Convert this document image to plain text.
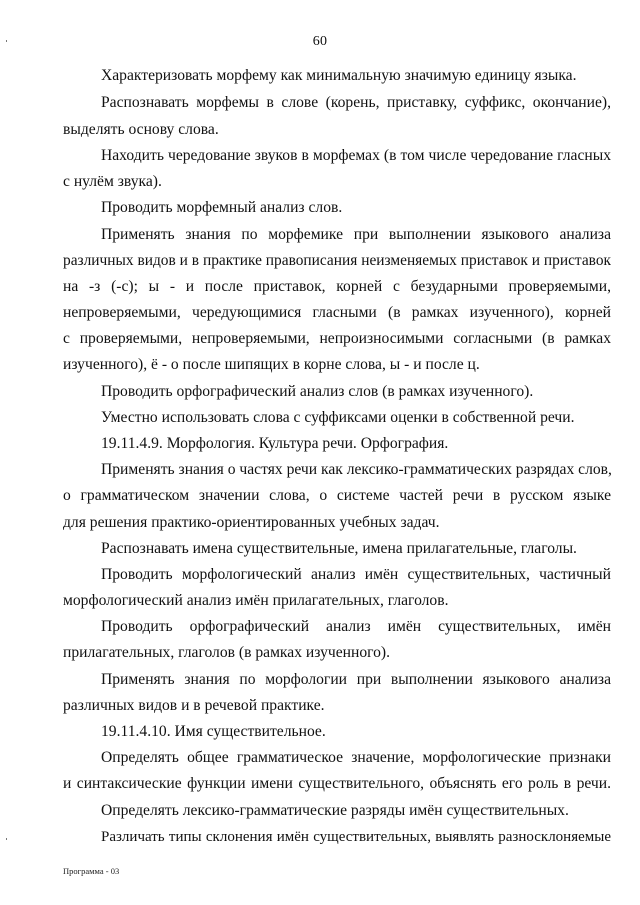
60
Характеризовать морфему как минимальную значимую единицу языка.
Распознавать морфемы в слове (корень, приставку, суффикс, окончание),
выделять основу слова.
Находить чередование звуков в морфемах (в том числе чередование гласных
с нулём звука).
Проводить морфемный анализ слов.
Применять знания по морфемике при выполнении языкового анализа
различных видов и в практике правописания неизменяемых приставок и приставок
на -з (-с); ы - и после приставок, корней с безударными проверяемыми,
непроверяемыми, чередующимися гласными (в рамках изученного), корней
с проверяемыми, непроверяемыми, непроизносимыми согласными (в рамках
изученного), ё - о после шипящих в корне слова, ы - и после ц.
Проводить орфографический анализ слов (в рамках изученного).
Уместно использовать слова с суффиксами оценки в собственной речи.
19.11.4.9. Морфология. Культура речи. Орфография.
Применять знания о частях речи как лексико-грамматических разрядах слов,
о грамматическом значении слова, о системе частей речи в русском языке
для решения практико-ориентированных учебных задач.
Распознавать имена существительные, имена прилагательные, глаголы.
Проводить морфологический анализ имён существительных, частичный
морфологический анализ имён прилагательных, глаголов.
Проводить орфографический анализ имён существительных, имён
прилагательных, глаголов (в рамках изученного).
Применять знания по морфологии при выполнении языкового анализа
различных видов и в речевой практике.
19.11.4.10. Имя существительное.
Определять общее грамматическое значение, морфологические признаки
и синтаксические функции имени существительного, объяснять его роль в речи.
Определять лексико-грамматические разряды имён существительных.
Различать типы склонения имён существительных, выявлять разносклоняемые
Программа - 03
